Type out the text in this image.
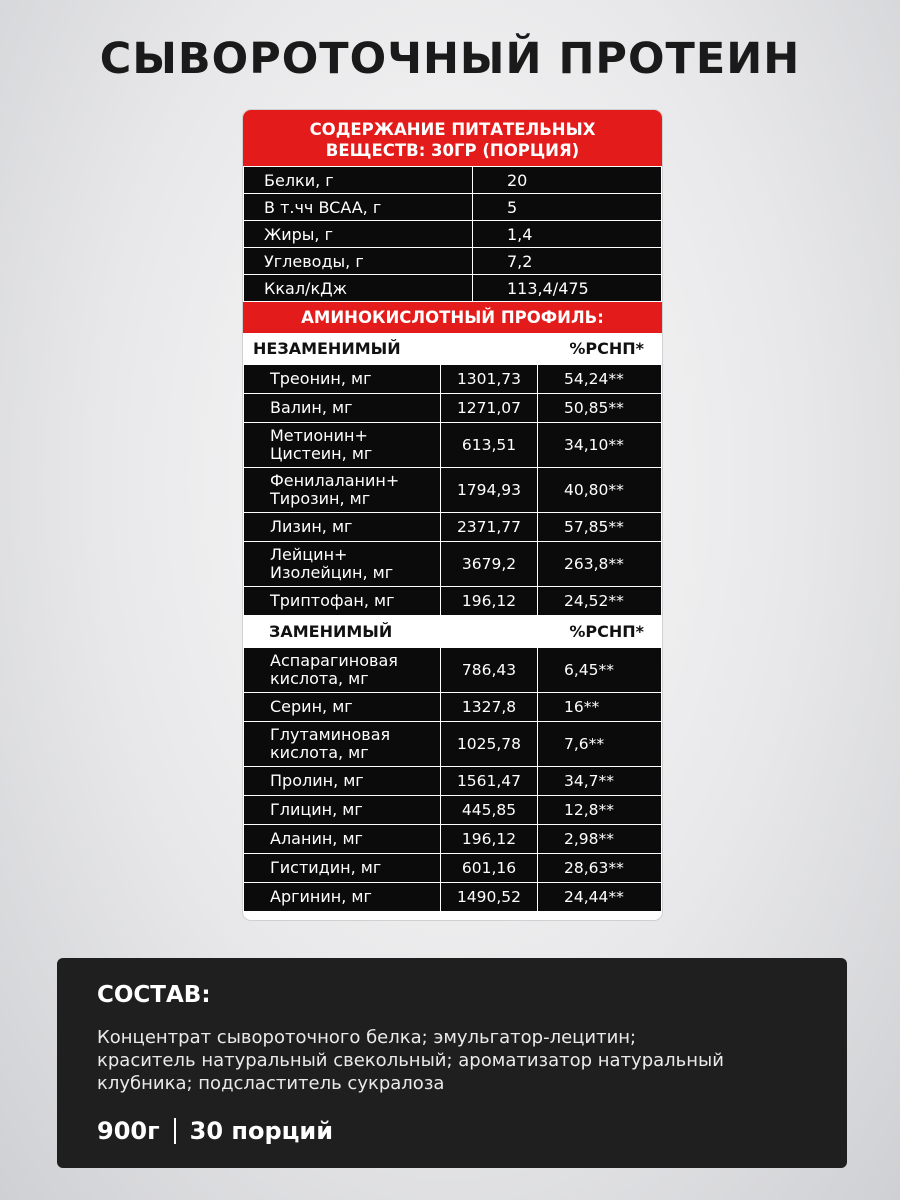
СЫВОРОТОЧНЫЙ ПРОТЕИН
СОДЕРЖАНИЕ ПИТАТЕЛЬНЫХ
ВЕЩЕСТВ: 30ГР (ПОРЦИЯ)
Белки, г	20
В т.чч BCAA, г	5
Жиры, г	1,4
Углеводы, г	7,2
Ккал/кДж	113,4/475
АМИНОКИСЛОТНЫЙ ПРОФИЛЬ:
НЕЗАМЕНИМЫЙ	%РСНП*
Треонин, мг	1301,73	54,24**

Валин, мг	1271,07	50,85**

Метионин+
Цистеин, мг	613,51	34,10**

Фенилаланин+
Тирозин, мг	1794,93	40,80**

Лизин, мг	2371,77	57,85**

Лейцин+
Изолейцин, мг	3679,2	263,8**

Триптофан, мг	196,12	24,52**
ЗАМЕНИМЫЙ	%РСНП*
Аспарагиновая
кислота, мг	786,43	6,45**

Серин, мг	1327,8	16**

Глутаминовая
кислота, мг	1025,78	7,6**

Пролин, мг	1561,47	34,7**

Глицин, мг	445,85	12,8**

Аланин, мг	196,12	2,98**

Гистидин, мг	601,16	28,63**

Аргинин, мг	1490,52	24,44**
СОСТАВ:
Концентрат сывороточного белка; эмульгатор-лецитин;
краситель натуральный свекольный; ароматизатор натуральный
клубника; подсластитель сукралоза
900г 30 порций
